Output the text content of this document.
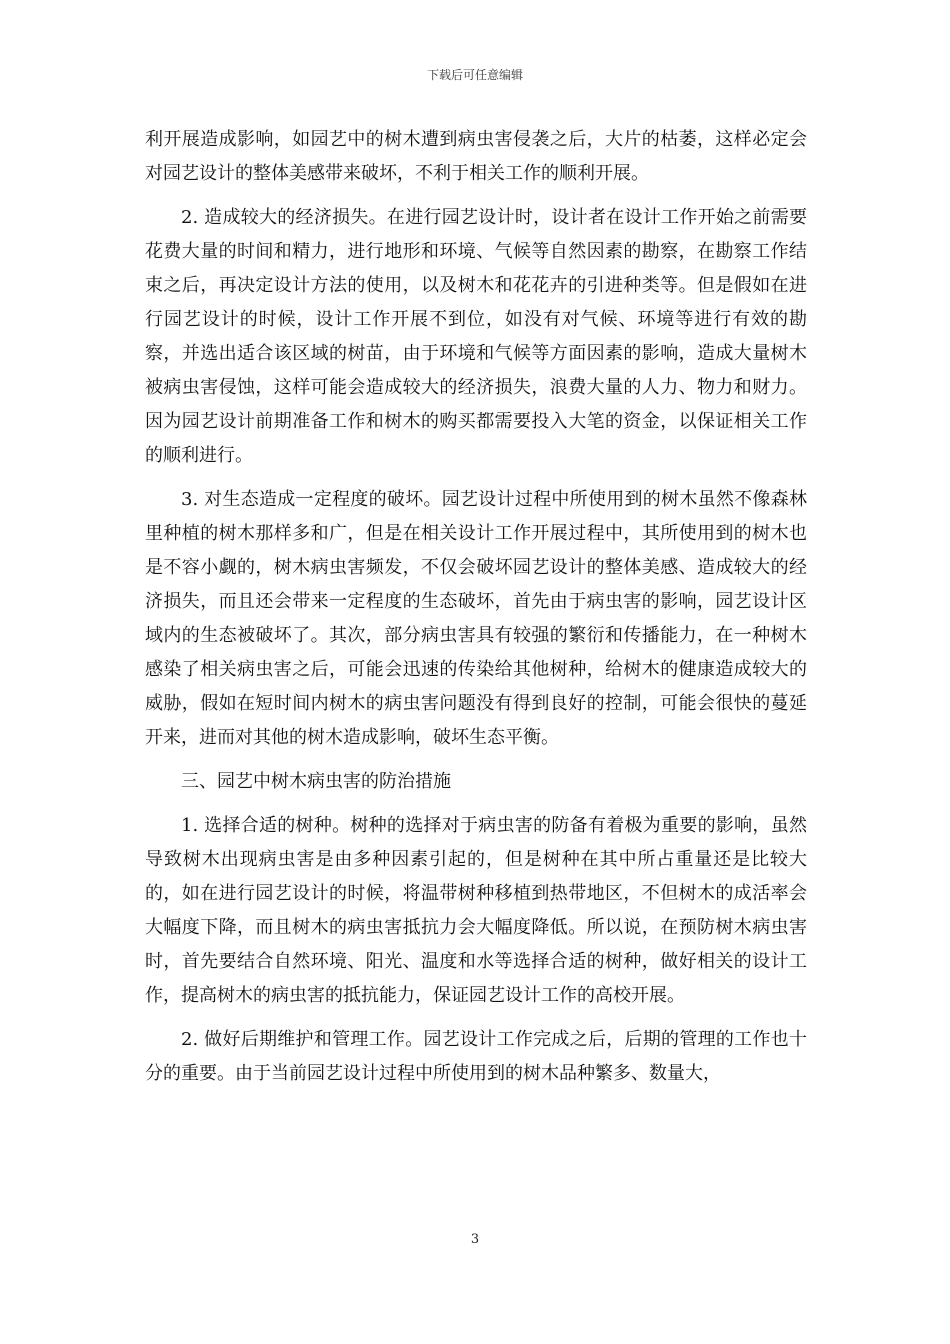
下载后可任意编辑

利开展造成影响，如园艺中的树木遭到病虫害侵袭之后，大片的枯萎，这样必定会对园艺设计的整体美感带来破坏，不利于相关工作的顺利开展。

2. 造成较大的经济损失。在进行园艺设计时，设计者在设计工作开始之前需要花费大量的时间和精力，进行地形和环境、气候等自然因素的勘察，在勘察工作结束之后，再决定设计方法的使用，以及树木和花花卉的引进种类等。但是假如在进行园艺设计的时候，设计工作开展不到位，如没有对气候、环境等进行有效的勘察，并选出适合该区域的树苗，由于环境和气候等方面因素的影响，造成大量树木被病虫害侵蚀，这样可能会造成较大的经济损失，浪费大量的人力、物力和财力。因为园艺设计前期准备工作和树木的购买都需要投入大笔的资金，以保证相关工作的顺利进行。

3. 对生态造成一定程度的破坏。园艺设计过程中所使用到的树木虽然不像森林里种植的树木那样多和广，但是在相关设计工作开展过程中，其所使用到的树木也是不容小觑的，树木病虫害频发，不仅会破坏园艺设计的整体美感、造成较大的经济损失，而且还会带来一定程度的生态破坏，首先由于病虫害的影响，园艺设计区域内的生态被破坏了。其次，部分病虫害具有较强的繁衍和传播能力，在一种树木感染了相关病虫害之后，可能会迅速的传染给其他树种，给树木的健康造成较大的威胁，假如在短时间内树木的病虫害问题没有得到良好的控制，可能会很快的蔓延开来，进而对其他的树木造成影响，破坏生态平衡。

三、园艺中树木病虫害的防治措施

1. 选择合适的树种。树种的选择对于病虫害的防备有着极为重要的影响，虽然导致树木出现病虫害是由多种因素引起的，但是树种在其中所占重量还是比较大的，如在进行园艺设计的时候，将温带树种移植到热带地区，不但树木的成活率会大幅度下降，而且树木的病虫害抵抗力会大幅度降低。所以说，在预防树木病虫害时，首先要结合自然环境、阳光、温度和水等选择合适的树种，做好相关的设计工作，提高树木的病虫害的抵抗能力，保证园艺设计工作的高校开展。

2. 做好后期维护和管理工作。园艺设计工作完成之后，后期的管理的工作也十分的重要。由于当前园艺设计过程中所使用到的树木品种繁多、数量大，

3
